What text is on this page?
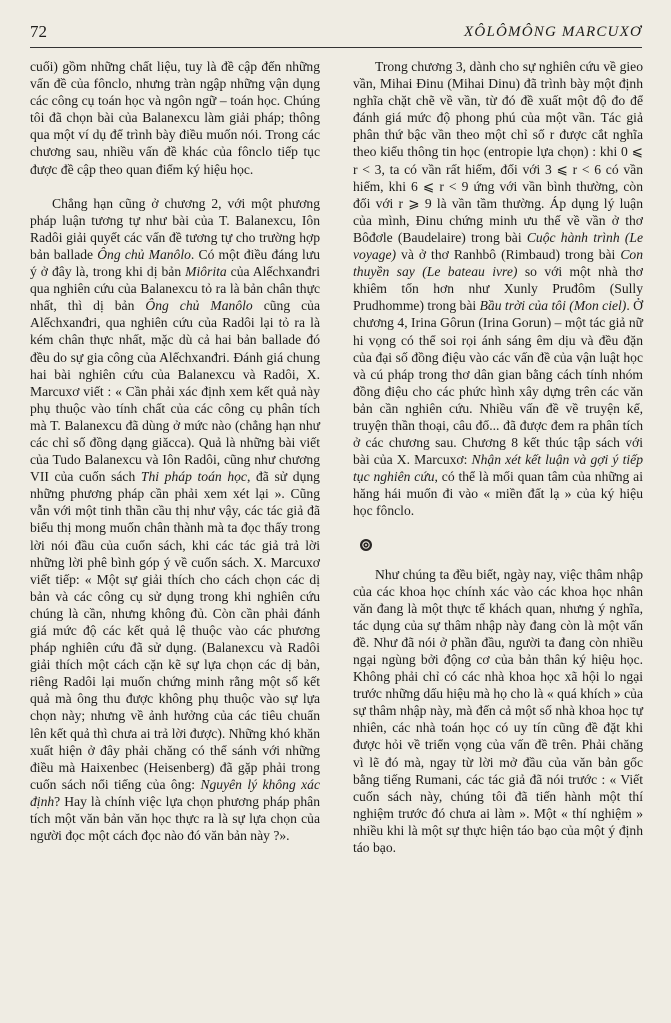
72	XÔLÔMÔNG MARCUXƠ

cuối) gồm những chất liệu, tuy là đề cập đến những vấn đề của fônclo, nhưng tràn ngập những vận dụng các công cụ toán học và ngôn ngữ – toán học. Chúng tôi đã chọn bài của Balanexcu làm giải pháp; thông qua một ví dụ để trình bày điều muốn nói. Trong các chương sau, nhiều vấn đề khác của fônclo tiếp tục được đề cập theo quan điểm ký hiệu học.

Chẳng hạn cũng ở chương 2, với một phương pháp luận tương tự như bài của T. Balanexcu, Iôn Radôi giải quyết các vấn đề tương tự cho trường hợp bản ballade Ông chủ Manôlo. Có một điều đáng lưu ý ở đây là, trong khi dị bản Miôrita của Alếchxanđri qua nghiên cứu của Balanexcu tỏ ra là bản chân thực nhất, thì dị bản Ông chủ Manôlo cũng của Alếchxanđri, qua nghiên cứu của Radôi lại tỏ ra là kém chân thực nhất, mặc dù cả hai bản ballade đó đều do sự gia công của Alếchxanđri. Đánh giá chung hai bài nghiên cứu của Balanexcu và Radôi, X. Marcuxơ viết : « Cần phải xác định xem kết quả này phụ thuộc vào tính chất của các công cụ phân tích mà T. Balanexcu đã dùng ở mức nào (chẳng hạn như các chỉ số đồng dạng giăcca). Quả là những bài viết của Tudo Balanexcu và Iôn Radôi, cũng như chương VII của cuốn sách Thi pháp toán học, đã sử dụng những phương pháp cần phải xem xét lại ». Cũng vẫn với một tinh thần cầu thị như vậy, các tác giả đã biểu thị mong muốn chân thành mà ta đọc thấy trong lời nói đầu của cuốn sách, khi các tác giả trả lời những lời phê bình góp ý về cuốn sách. X. Marcuxơ viết tiếp: « Một sự giải thích cho cách chọn các dị bản và các công cụ sử dụng trong khi nghiên cứu chúng là cần, nhưng không đủ. Còn cần phải đánh giá mức độ các kết quả lệ thuộc vào các phương pháp nghiên cứu đã sử dụng. (Balanexcu và Radôi giải thích một cách cặn kẽ sự lựa chọn các dị bản, riêng Radôi lại muốn chứng minh rằng một số kết quả mà ông thu được không phụ thuộc vào sự lựa chọn này; nhưng về ảnh hưởng của các tiêu chuẩn lên kết quả thì chưa ai trả lời được). Những khó khăn xuất hiện ở đây phải chăng có thể sánh với những điều mà Haixenbec (Heisenberg) đã gặp phải trong cuốn sách nổi tiếng của ông: Nguyên lý không xác định? Hay là chính việc lựa chọn phương pháp phân tích một văn bản văn học thực ra là sự lựa chọn của người đọc một cách đọc nào đó văn bản này ?».

Trong chương 3, dành cho sự nghiên cứu về gieo vần, Mihai Đinu (Mihai Dinu) đã trình bày một định nghĩa chặt chẽ về vần, từ đó đề xuất một độ đo để đánh giá mức độ phong phú của một vần. Tác giả phân thứ bậc vần theo một chỉ số r được cắt nghĩa theo kiểu thông tin học (entropie lựa chọn) : khi 0 ⩽ r < 3, ta có vần rất hiếm, đối với 3 ⩽ r < 6 có vần hiếm, khi 6 ⩽ r < 9 ứng với vần bình thường, còn đối với r ⩾ 9 là vần tầm thường. Áp dụng lý luận của mình, Đinu chứng minh ưu thế về vần ở thơ Bôđơle (Baudelaire) trong bài Cuộc hành trình (Le voyage) và ở thơ Ranhbô (Rimbaud) trong bài Con thuyền say (Le bateau ivre) so với một nhà thơ khiêm tốn hơn như Xunly Pruđôm (Sully Prudhomme) trong bài Bầu trời của tôi (Mon ciel). Ở chương 4, Irina Gôrun (Irina Gorun) – một tác giả nữ hi vọng có thể soi rọi ánh sáng êm dịu và đều đặn của đại số đồng điệu vào các vấn đề của vận luật học và cú pháp trong thơ dân gian bằng cách tính nhóm đồng điệu cho các phức hình xây dựng trên các văn bản cần nghiên cứu. Nhiều vấn đề về truyện kể, truyện thần thoại, câu đố... đã được đem ra phân tích ở các chương sau. Chương 8 kết thúc tập sách với bài của X. Marcuxơ: Nhận xét kết luận và gợi ý tiếp tục nghiên cứu, có thể là mối quan tâm của những ai hăng hái muốn đi vào « miền đất lạ » của ký hiệu học fônclo.

Như chúng ta đều biết, ngày nay, việc thâm nhập của các khoa học chính xác vào các khoa học nhân văn đang là một thực tế khách quan, nhưng ý nghĩa, tác dụng của sự thâm nhập này đang còn là một vấn đề. Như đã nói ở phần đầu, người ta đang còn nhiều ngại ngùng bởi động cơ của bản thân ký hiệu học. Không phải chỉ có các nhà khoa học xã hội lo ngại trước những dấu hiệu mà họ cho là « quá khích » của sự thâm nhập này, mà đến cả một số nhà khoa học tự nhiên, các nhà toán học có uy tín cũng đề đặt khi được hỏi về triển vọng của vấn đề trên. Phải chăng vì lẽ đó mà, ngay từ lời mở đầu của văn bản gốc bằng tiếng Rumani, các tác giả đã nói trước : « Viết cuốn sách này, chúng tôi đã tiến hành một thí nghiệm trước đó chưa ai làm ». Một « thí nghiệm » nhiều khi là một sự thực hiện táo bạo của một ý định táo bạo.
